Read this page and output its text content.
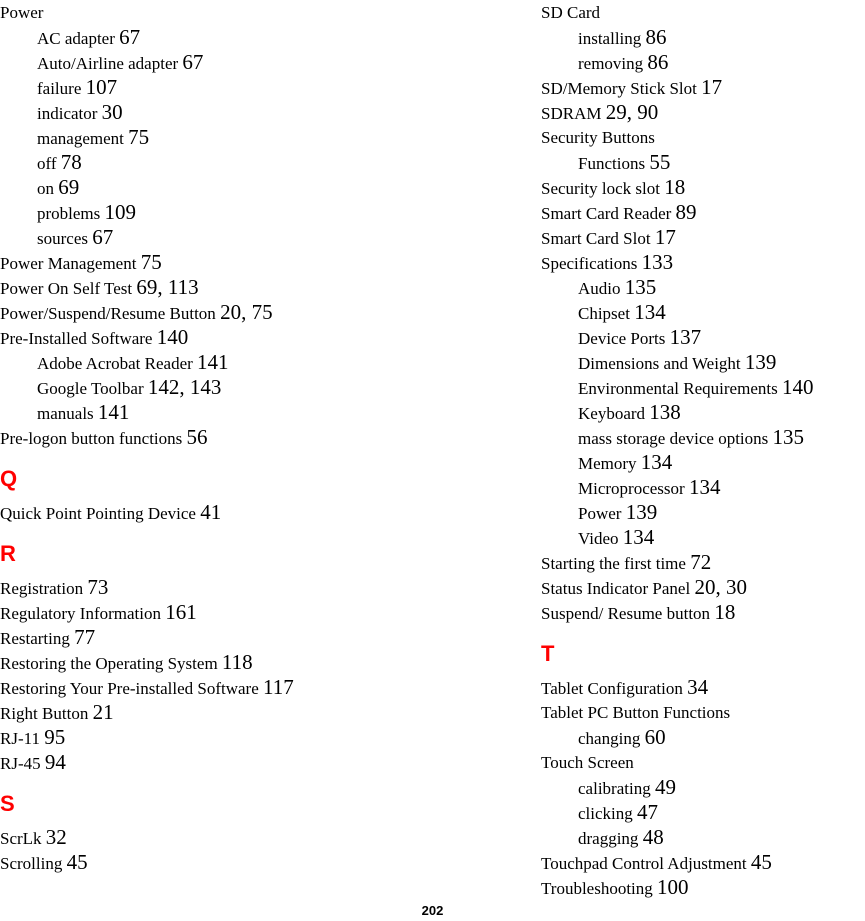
Power
AC adapter 67
Auto/Airline adapter 67
failure 107
indicator 30
management 75
off 78
on 69
problems 109
sources 67
Power Management 75
Power On Self Test 69, 113
Power/Suspend/Resume Button 20, 75
Pre-Installed Software 140
Adobe Acrobat Reader 141
Google Toolbar 142, 143
manuals 141
Pre-logon button functions 56
Q
Quick Point Pointing Device 41
R
Registration 73
Regulatory Information 161
Restarting 77
Restoring the Operating System 118
Restoring Your Pre-installed Software 117
Right Button 21
RJ-11 95
RJ-45 94
S
ScrLk 32
Scrolling 45
SD Card
installing 86
removing 86
SD/Memory Stick Slot 17
SDRAM 29, 90
Security Buttons
Functions 55
Security lock slot 18
Smart Card Reader 89
Smart Card Slot 17
Specifications 133
Audio 135
Chipset 134
Device Ports 137
Dimensions and Weight 139
Environmental Requirements 140
Keyboard 138
mass storage device options 135
Memory 134
Microprocessor 134
Power 139
Video 134
Starting the first time 72
Status Indicator Panel 20, 30
Suspend/ Resume button 18
T
Tablet Configuration 34
Tablet PC Button Functions
changing 60
Touch Screen
calibrating 49
clicking 47
dragging 48
Touchpad Control Adjustment 45
Troubleshooting 100
202
